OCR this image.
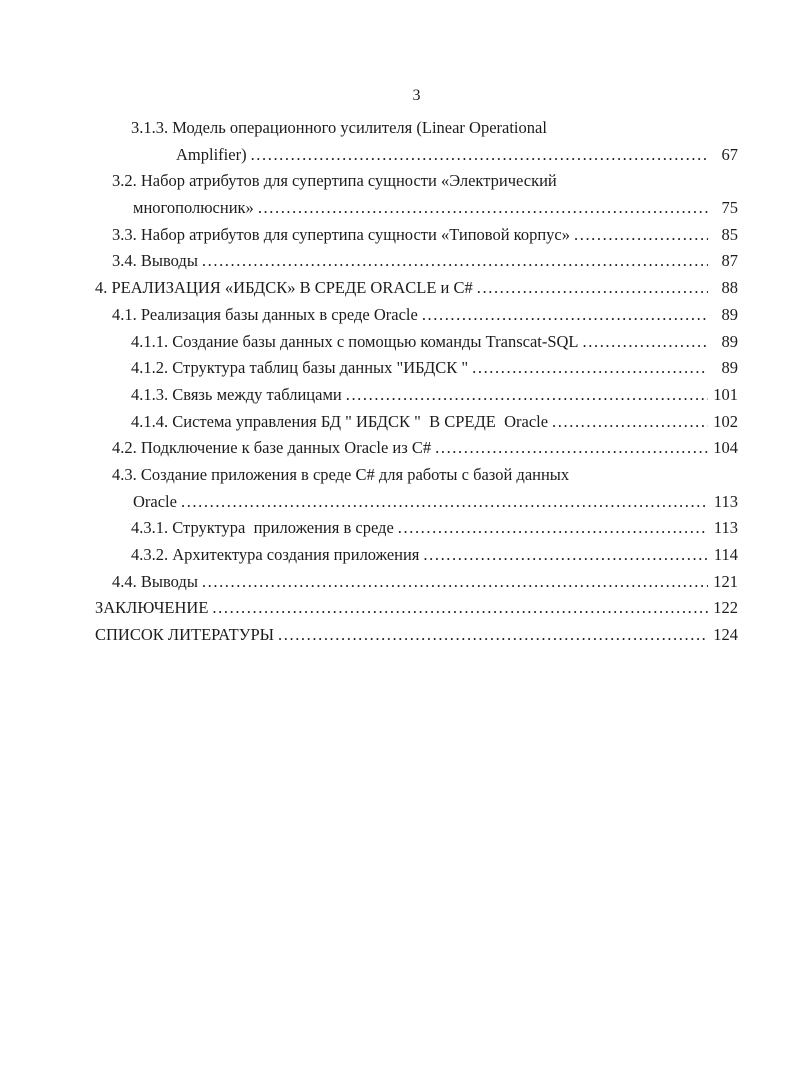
3
3.1.3. Модель операционного усилителя (Linear Operational
Amplifier) .....	67
3.2. Набор атрибутов для супертипа сущности «Электрический
многополюсник» .....	75
3.3. Набор атрибутов для супертипа сущности «Типовой корпус» .....	85
3.4. Выводы .....	87
4. РЕАЛИЗАЦИЯ «ИБДСК» В СРЕДЕ ORACLE и C# .....	88
4.1. Реализация базы данных в среде Oracle .....	89
4.1.1. Создание базы данных с помощью команды Transcat-SQL .....	89
4.1.2. Структура таблиц базы данных "ИБДСК " .....	89
4.1.3. Связь между таблицами .....	101
4.1.4. Система управления БД " ИБДСК "  В СРЕДЕ  Oracle .....	102
4.2. Подключение к базе данных Oracle из C# .....	104
4.3. Создание приложения в среде C# для работы с базой данных
Oracle .....	113
4.3.1. Структура  приложения в среде .....	113
4.3.2. Архитектура создания приложения .....	114
4.4. Выводы .....	121
ЗАКЛЮЧЕНИЕ .....	122
СПИСОК ЛИТЕРАТУРЫ .....	124
